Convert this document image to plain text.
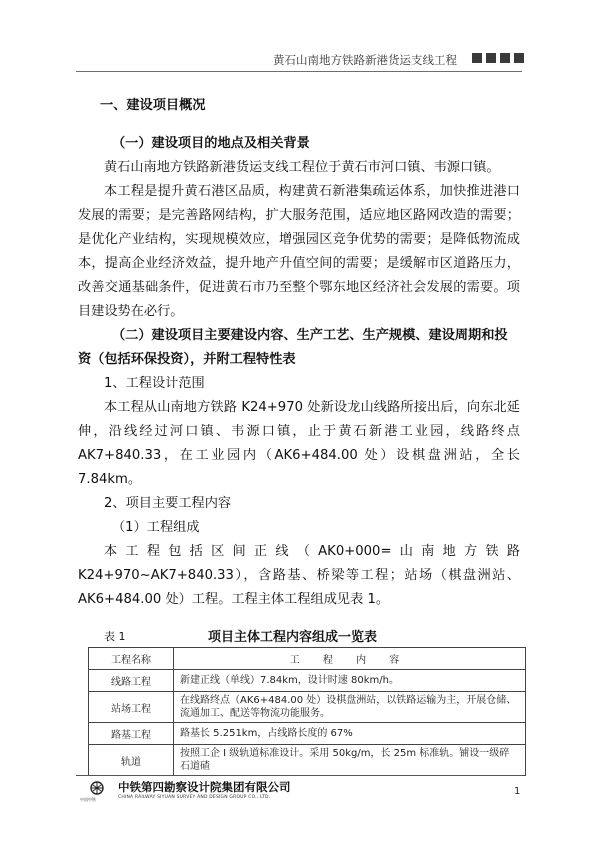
黄石山南地方铁路新港货运支线工程

一、建设项目概况

（一）建设项目的地点及相关背景

黄石山南地方铁路新港货运支线工程位于黄石市河口镇、韦源口镇。

本工程是提升黄石港区品质，构建黄石新港集疏运体系，加快推进港口发展的需要；是完善路网结构，扩大服务范围，适应地区路网改造的需要；是优化产业结构，实现规模效应，增强园区竞争优势的需要；是降低物流成本，提高企业经济效益，提升地产升值空间的需要；是缓解市区道路压力，改善交通基础条件，促进黄石市乃至整个鄂东地区经济社会发展的需要。项目建设势在必行。

（二）建设项目主要建设内容、生产工艺、生产规模、建设周期和投资（包括环保投资），并附工程特性表

1、工程设计范围

本工程从山南地方铁路 K24+970 处新设龙山线路所接出后，向东北延伸，沿线经过河口镇、韦源口镇，止于黄石新港工业园，线路终点 AK7+840.33，在工业园内（AK6+484.00 处）设棋盘洲站，全长 7.84km。

2、项目主要工程内容

（1）工程组成

本工程包括区间正线（AK0+000=山南地方铁路 K24+970~AK7+840.33），含路基、桥梁等工程；站场（棋盘洲站、AK6+484.00 处）工程。工程主体工程组成见表 1。

表 1	项目主体工程内容组成一览表
工程名称	工 程 内 容
线路工程	新建正线（单线）7.84km，设计时速 80km/h。
站场工程	在线路终点（AK6+484.00 处）设棋盘洲站，以铁路运输为主，开展仓储、流通加工、配送等物流功能服务。
路基工程	路基长 5.251km，占线路长度的 67%
轨道	按照工企 I 级轨道标准设计。采用 50kg/m，长 25m 标准轨。铺设一级碎石道碴
中国中铁
中铁第四勘察设计院集团有限公司
CHINA RAILWAY SIYUAN SURVEY AND DESIGN GROUP CO., LTD.
1
